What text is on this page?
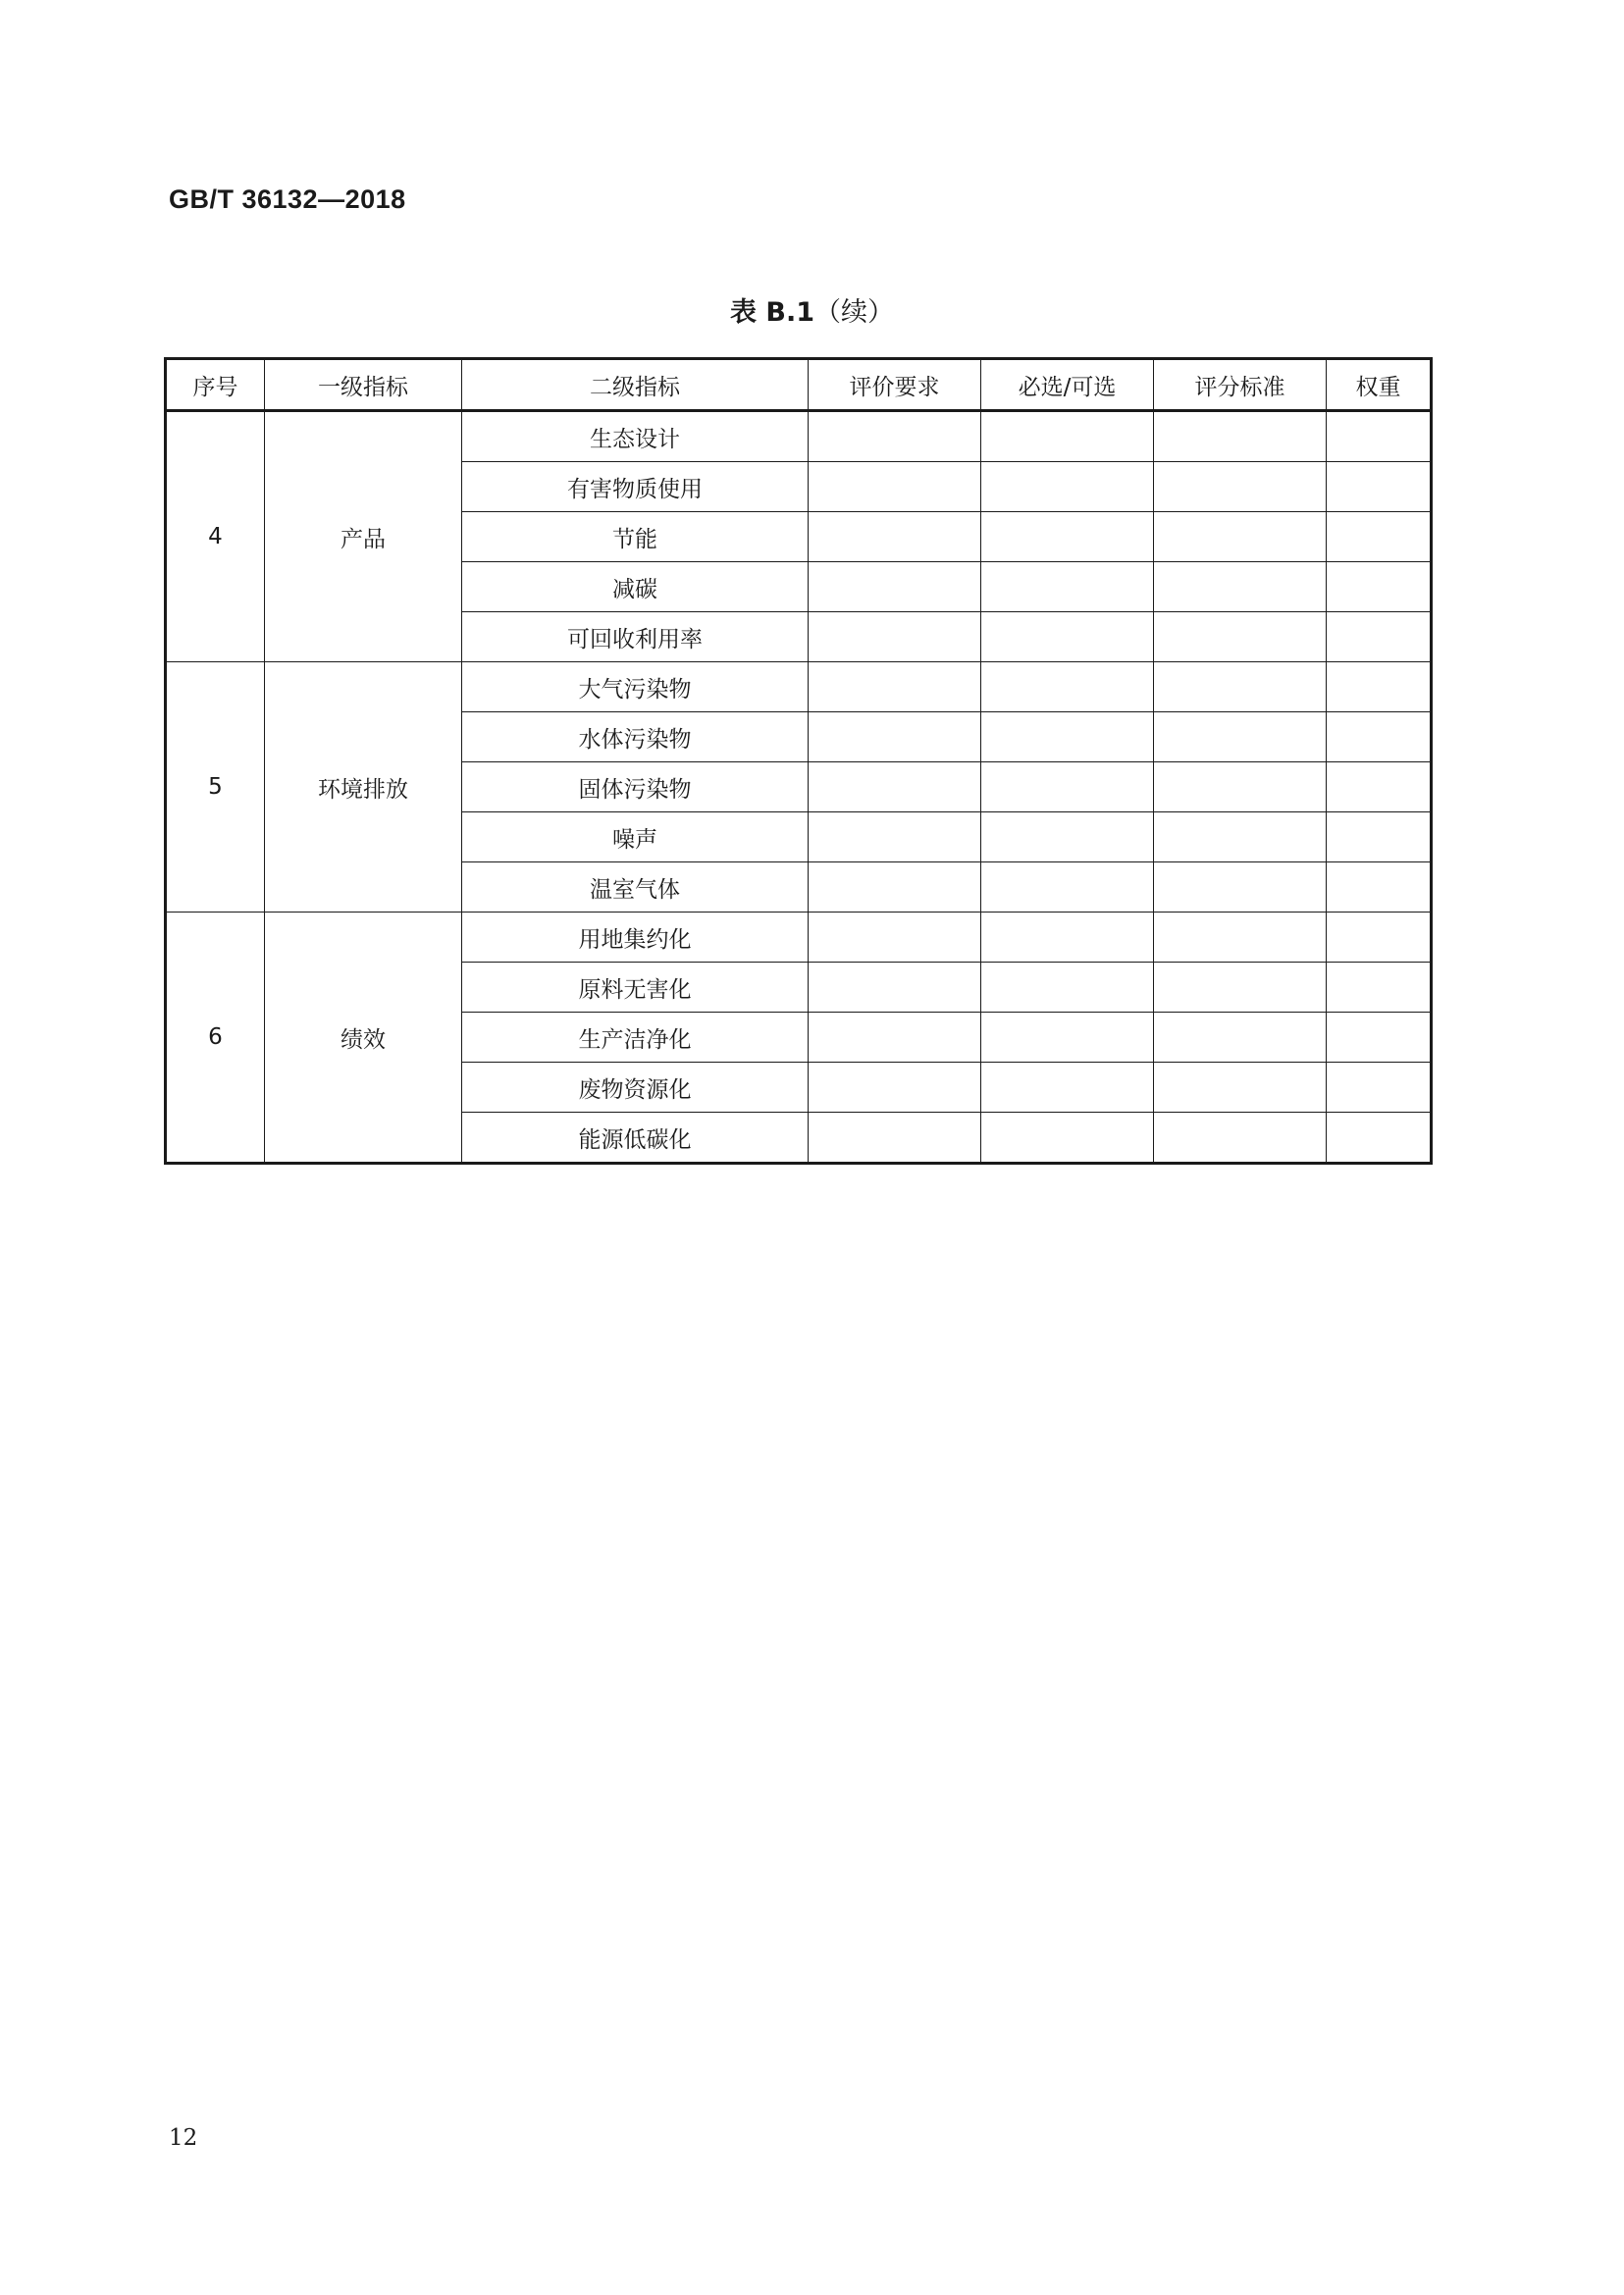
GB/T 36132—2018
表 B.1（续）
序号	一级指标	二级指标	评价要求	必选/可选	评分标准	权重
4	产品	生态设计				
		有害物质使用				
		节能				
		减碳				
		可回收利用率				
5	环境排放	大气污染物				
		水体污染物				
		固体污染物				
		噪声				
		温室气体				
6	绩效	用地集约化				
		原料无害化				
		生产洁净化				
		废物资源化				
		能源低碳化				
12
